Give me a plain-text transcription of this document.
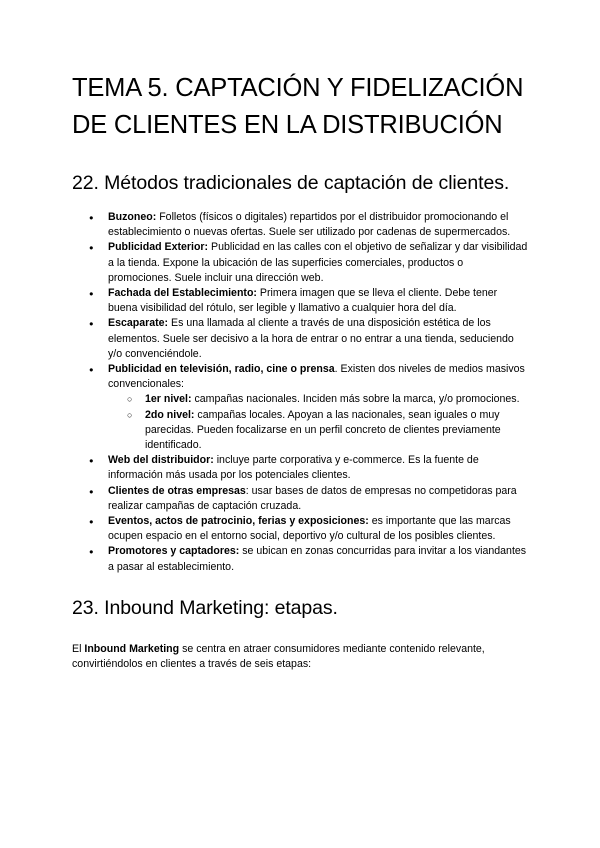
TEMA 5. CAPTACIÓN Y FIDELIZACIÓN DE CLIENTES EN LA DISTRIBUCIÓN
22. Métodos tradicionales de captación de clientes.
● Buzoneo: Folletos (físicos o digitales) repartidos por el distribuidor promocionando el establecimiento o nuevas ofertas. Suele ser utilizado por cadenas de supermercados.
● Publicidad Exterior: Publicidad en las calles con el objetivo de señalizar y dar visibilidad a la tienda. Expone la ubicación de las superficies comerciales, productos o promociones. Suele incluir una dirección web.
● Fachada del Establecimiento: Primera imagen que se lleva el cliente. Debe tener buena visibilidad del rótulo, ser legible y llamativo a cualquier hora del día.
● Escaparate: Es una llamada al cliente a través de una disposición estética de los elementos. Suele ser decisivo a la hora de entrar o no entrar a una tienda, seduciendo y/o convenciéndole.
● Publicidad en televisión, radio, cine o prensa. Existen dos niveles de medios masivos convencionales:
○ 1er nivel: campañas nacionales. Inciden más sobre la marca, y/o promociones.
○ 2do nivel: campañas locales. Apoyan a las nacionales, sean iguales o muy parecidas. Pueden focalizarse en un perfil concreto de clientes previamente identificado.
● Web del distribuidor: incluye parte corporativa y e-commerce. Es la fuente de información más usada por los potenciales clientes.
● Clientes de otras empresas: usar bases de datos de empresas no competidoras para realizar campañas de captación cruzada.
● Eventos, actos de patrocinio, ferias y exposiciones: es importante que las marcas ocupen espacio en el entorno social, deportivo y/o cultural de los posibles clientes.
● Promotores y captadores: se ubican en zonas concurridas para invitar a los viandantes a pasar al establecimiento.
23. Inbound Marketing: etapas.

El Inbound Marketing se centra en atraer consumidores mediante contenido relevante, convirtiéndolos en clientes a través de seis etapas:
